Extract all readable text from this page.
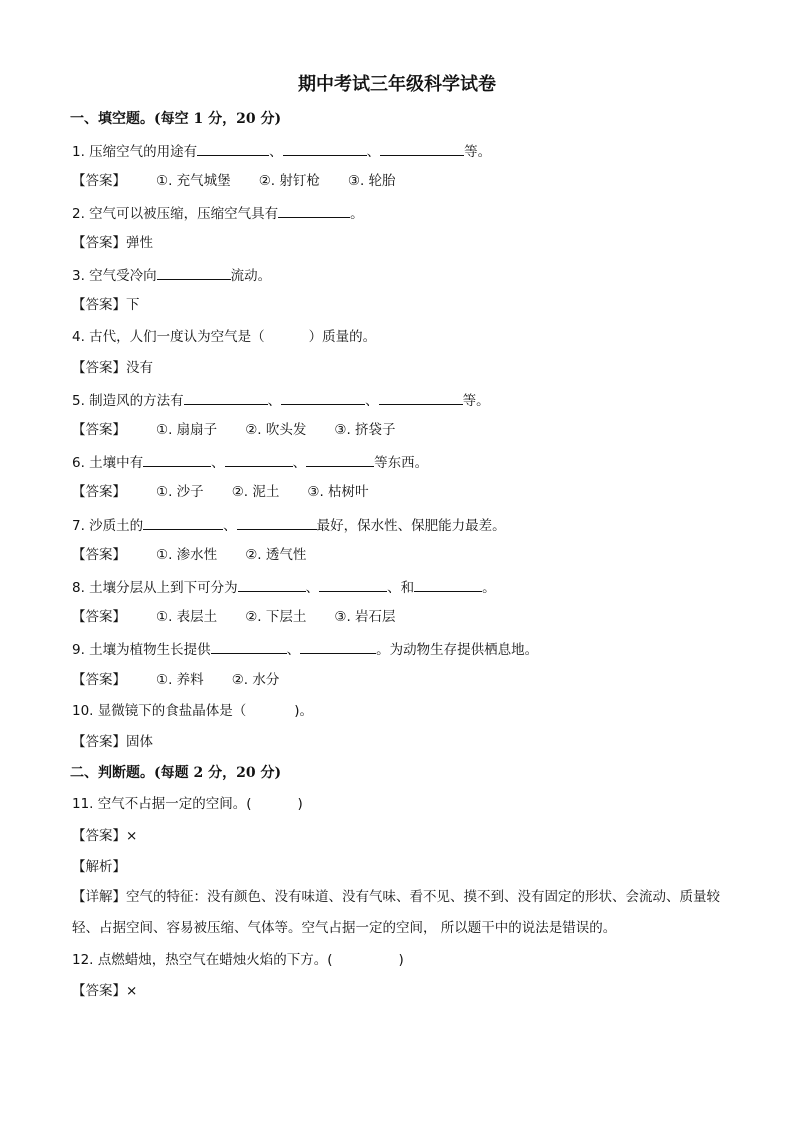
期中考试三年级科学试卷
一、填空题。(每空 1 分，20 分)
1. 压缩空气的用途有	、	、	等。
【答案】 ①. 充气城堡 ②. 射钉枪 ③. 轮胎
2. 空气可以被压缩，压缩空气具有	。
【答案】弹性
3. 空气受冷向	流动。
【答案】下
4. 古代，人们一度认为空气是（	）质量的。
【答案】没有
5. 制造风的方法有	、	、	等。
【答案】 ①. 扇扇子 ②. 吹头发 ③. 挤袋子
6. 土壤中有	、	、	等东西。
【答案】 ①. 沙子 ②. 泥土 ③. 枯树叶
7. 沙质土的	、	最好，保水性、保肥能力最差。
【答案】 ①. 渗水性 ②. 透气性
8. 土壤分层从上到下可分为	、	、和	。
【答案】 ①. 表层土 ②. 下层土 ③. 岩石层
9. 土壤为植物生长提供	、	。为动物生存提供栖息地。
【答案】 ①. 养料 ②. 水分
10. 显微镜下的食盐晶体是（	)。
【答案】固体
二、判断题。(每题 2 分，20 分)
11. 空气不占据一定的空间。(	)
【答案】×
【解析】
【详解】空气的特征：没有颜色、没有味道、没有气味、看不见、摸不到、没有固定的形状、会流动、质量较轻、占据空间、容易被压缩、气体等。空气占据一定的空间， 所以题干中的说法是错误的。
12. 点燃蜡烛，热空气在蜡烛火焰的下方。(	)
【答案】×
